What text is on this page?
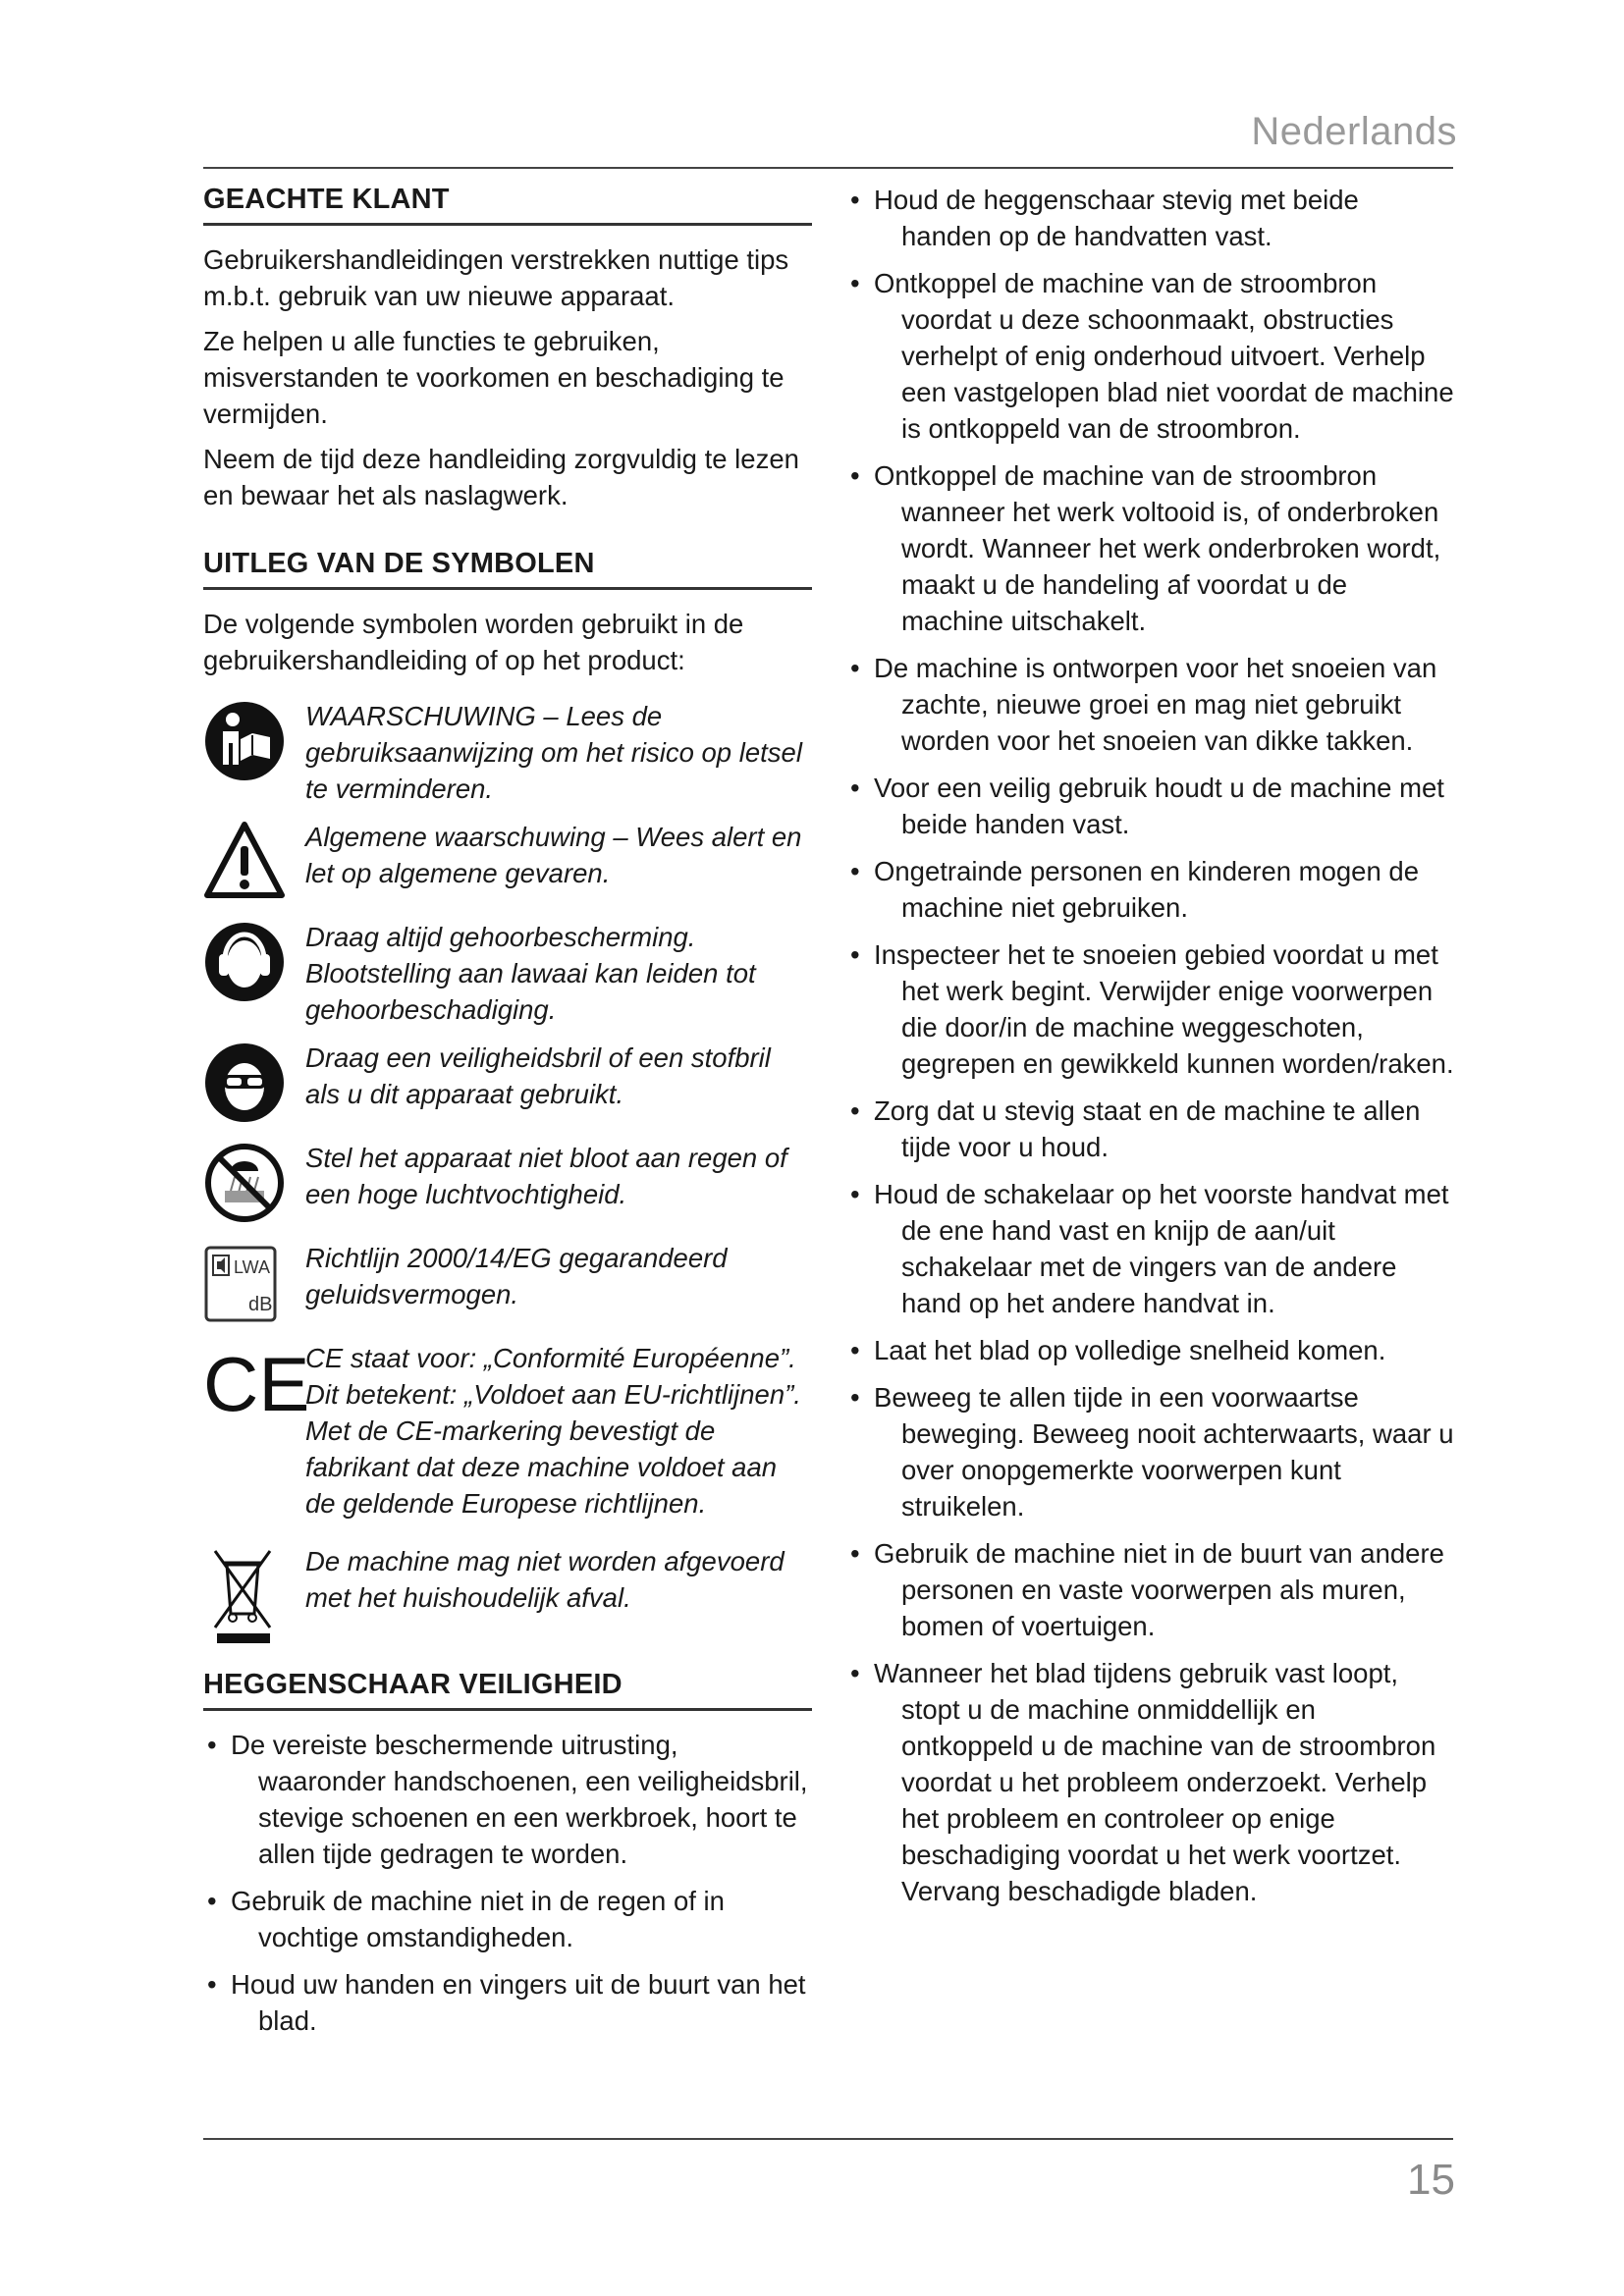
Nederlands
GEACHTE KLANT

Gebruikershandleidingen verstrekken nuttige tips m.b.t. gebruik van uw nieuwe apparaat.

Ze helpen u alle functies te gebruiken, misverstanden te voorkomen en beschadiging te vermijden.

Neem de tijd deze handleiding zorgvuldig te lezen en bewaar het als naslagwerk.

UITLEG VAN DE SYMBOLEN

De volgende symbolen worden gebruikt in de gebruikershandleiding of op het product:

WAARSCHUWING – Lees de gebruiksaanwijzing om het risico op letsel te verminderen.
Algemene waarschuwing – Wees alert en let op algemene gevaren.
Draag altijd gehoorbescherming. Blootstelling aan lawaai kan leiden tot gehoorbeschadiging.
Draag een veiligheidsbril of een stofbril als u dit apparaat gebruikt.
Stel het apparaat niet bloot aan regen of een hoge luchtvochtigheid.
LWA
dB
Richtlijn 2000/14/EG gegarandeerd geluidsvermogen.
CE
CE staat voor: „Conformité Européenne”. Dit betekent: „Voldoet aan EU-richtlijnen”. Met de CE-markering bevestigt de fabrikant dat deze machine voldoet aan de geldende Europese richtlijnen.
De machine mag niet worden afgevoerd met het huishoudelijk afval.
HEGGENSCHAAR VEILIGHEID
• De vereiste beschermende uitrusting, waaronder handschoenen, een veiligheidsbril, stevige schoenen en een werkbroek, hoort te allen tijde gedragen te worden.
• Gebruik de machine niet in de regen of in vochtige omstandigheden.
• Houd uw handen en vingers uit de buurt van het blad.
• Houd de heggenschaar stevig met beide handen op de handvatten vast.
• Ontkoppel de machine van de stroombron voordat u deze schoonmaakt, obstructies verhelpt of enig onderhoud uitvoert. Verhelp een vastgelopen blad niet voordat de machine is ontkoppeld van de stroombron.
• Ontkoppel de machine van de stroombron wanneer het werk voltooid is, of onderbroken wordt. Wanneer het werk onderbroken wordt, maakt u de handeling af voordat u de machine uitschakelt.
• De machine is ontworpen voor het snoeien van zachte, nieuwe groei en mag niet gebruikt worden voor het snoeien van dikke takken.
• Voor een veilig gebruik houdt u de machine met beide handen vast.
• Ongetrainde personen en kinderen mogen de machine niet gebruiken.
• Inspecteer het te snoeien gebied voordat u met het werk begint. Verwijder enige voorwerpen die door/in de machine weggeschoten, gegrepen en gewikkeld kunnen worden/raken.
• Zorg dat u stevig staat en de machine te allen tijde voor u houd.
• Houd de schakelaar op het voorste handvat met de ene hand vast en knijp de aan/uit schakelaar met de vingers van de andere hand op het andere handvat in.
• Laat het blad op volledige snelheid komen.
• Beweeg te allen tijde in een voorwaartse beweging. Beweeg nooit achterwaarts, waar u over onopgemerkte voorwerpen kunt struikelen.
• Gebruik de machine niet in de buurt van andere personen en vaste voorwerpen als muren, bomen of voertuigen.
• Wanneer het blad tijdens gebruik vast loopt, stopt u de machine onmiddellijk en ontkoppeld u de machine van de stroombron voordat u het probleem onderzoekt. Verhelp het probleem en controleer op enige beschadiging voordat u het werk voortzet. Vervang beschadigde bladen.
15
